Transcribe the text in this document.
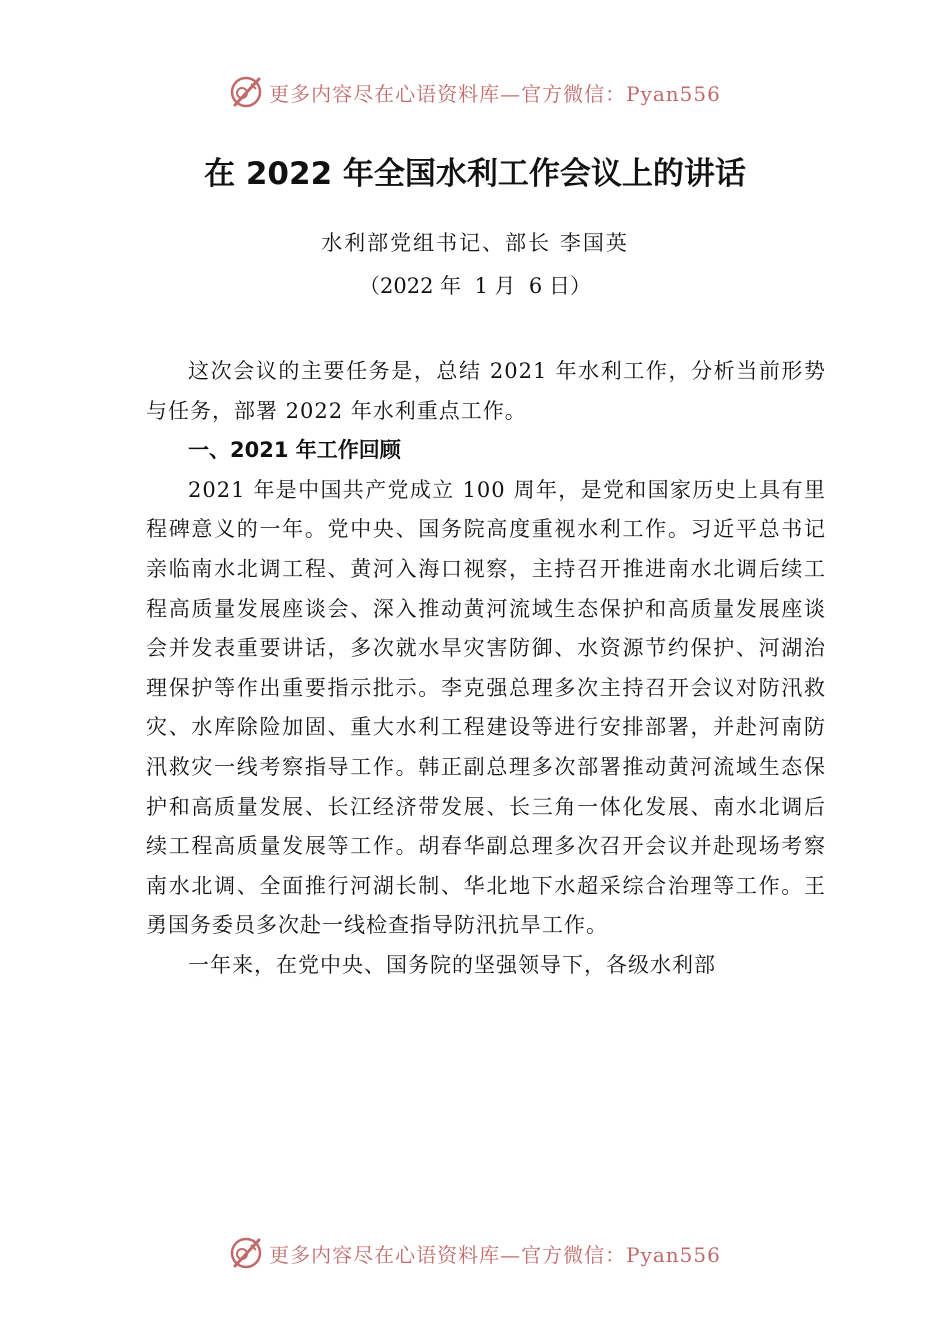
更多内容尽在心语资料库—官方微信：Pyan556
在 2022 年全国水利工作会议上的讲话
水利部党组书记、部长 李国英
（2022 年  1 月  6 日）

这次会议的主要任务是，总结 2021 年水利工作，分析当前形势与任务，部署 2022 年水利重点工作。

一、2021 年工作回顾

2021 年是中国共产党成立 100 周年，是党和国家历史上具有里程碑意义的一年。党中央、国务院高度重视水利工作。习近平总书记亲临南水北调工程、黄河入海口视察，主持召开推进南水北调后续工程高质量发展座谈会、深入推动黄河流域生态保护和高质量发展座谈会并发表重要讲话，多次就水旱灾害防御、水资源节约保护、河湖治理保护等作出重要指示批示。李克强总理多次主持召开会议对防汛救灾、水库除险加固、重大水利工程建设等进行安排部署，并赴河南防汛救灾一线考察指导工作。韩正副总理多次部署推动黄河流域生态保护和高质量发展、长江经济带发展、长三角一体化发展、南水北调后续工程高质量发展等工作。胡春华副总理多次召开会议并赴现场考察南水北调、全面推行河湖长制、华北地下水超采综合治理等工作。王勇国务委员多次赴一线检查指导防汛抗旱工作。

一年来，在党中央、国务院的坚强领导下，各级水利部

更多内容尽在心语资料库—官方微信：Pyan556
